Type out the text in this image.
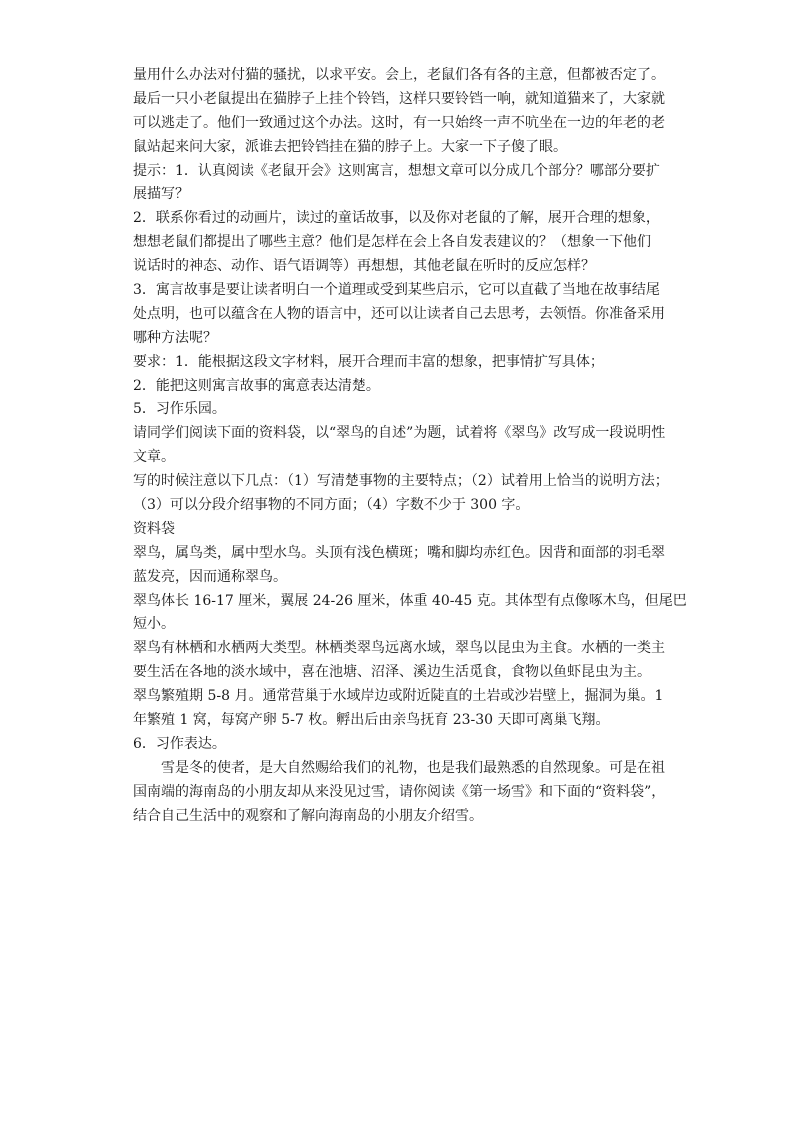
量用什么办法对付猫的骚扰，以求平安。会上，老鼠们各有各的主意，但都被否定了。
最后一只小老鼠提出在猫脖子上挂个铃铛，这样只要铃铛一响，就知道猫来了，大家就
可以逃走了。他们一致通过这个办法。这时，有一只始终一声不吭坐在一边的年老的老
鼠站起来问大家，派谁去把铃铛挂在猫的脖子上。大家一下子傻了眼。
提示：1．认真阅读《老鼠开会》这则寓言，想想文章可以分成几个部分？哪部分要扩
展描写？
2．联系你看过的动画片，读过的童话故事，以及你对老鼠的了解，展开合理的想象，
想想老鼠们都提出了哪些主意？他们是怎样在会上各自发表建议的？（想象一下他们
说话时的神态、动作、语气语调等）再想想，其他老鼠在听时的反应怎样？
3．寓言故事是要让读者明白一个道理或受到某些启示，它可以直截了当地在故事结尾
处点明，也可以蕴含在人物的语言中，还可以让读者自己去思考，去领悟。你准备采用
哪种方法呢？
要求：1．能根据这段文字材料，展开合理而丰富的想象，把事情扩写具体；
2．能把这则寓言故事的寓意表达清楚。
5．习作乐园。
请同学们阅读下面的资料袋，以“翠鸟的自述”为题，试着将《翠鸟》改写成一段说明性
文章。
写的时候注意以下几点：（1）写清楚事物的主要特点；（2）试着用上恰当的说明方法；
（3）可以分段介绍事物的不同方面；（4）字数不少于 300 字。
资料袋
翠鸟，属鸟类，属中型水鸟。头顶有浅色横斑；嘴和脚均赤红色。因背和面部的羽毛翠
蓝发亮，因而通称翠鸟。
翠鸟体长 16-17 厘米，翼展 24-26 厘米，体重 40-45 克。其体型有点像啄木鸟，但尾巴
短小。
翠鸟有林栖和水栖两大类型。林栖类翠鸟远离水域，翠鸟以昆虫为主食。水栖的一类主
要生活在各地的淡水域中，喜在池塘、沼泽、溪边生活觅食，食物以鱼虾昆虫为主。
翠鸟繁殖期 5-8 月。通常营巢于水域岸边或附近陡直的土岩或沙岩壁上，掘洞为巢。1
年繁殖 1 窝，每窝产卵 5-7 枚。孵出后由亲鸟抚育 23-30 天即可离巢飞翔。
6．习作表达。
雪是冬的使者，是大自然赐给我们的礼物，也是我们最熟悉的自然现象。可是在祖
国南端的海南岛的小朋友却从来没见过雪，请你阅读《第一场雪》和下面的“资料袋”，
结合自己生活中的观察和了解向海南岛的小朋友介绍雪。
